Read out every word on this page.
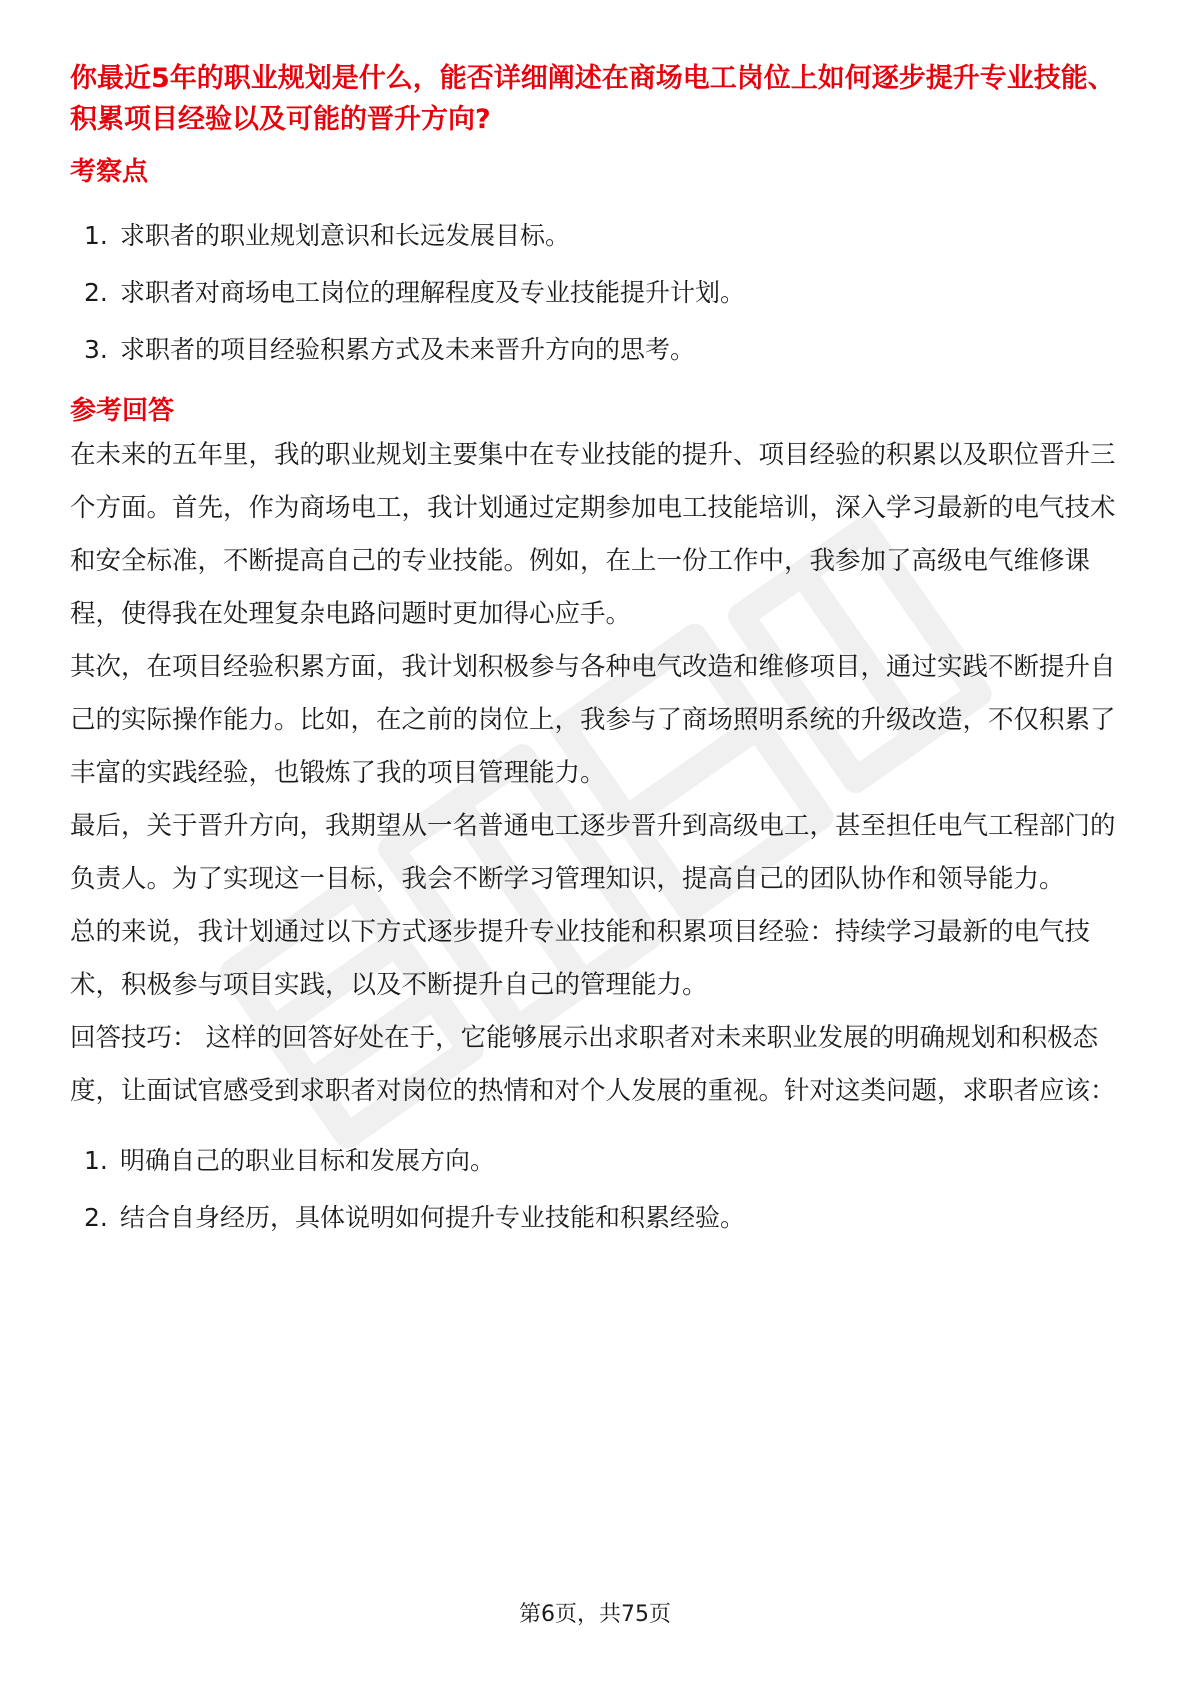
你最近5年的职业规划是什么，能否详细阐述在商场电工岗位上如何逐步提升专业技能、积累项目经验以及可能的晋升方向?
考察点
1. 求职者的职业规划意识和长远发展目标。
2. 求职者对商场电工岗位的理解程度及专业技能提升计划。
3. 求职者的项目经验积累方式及未来晋升方向的思考。
参考回答

在未来的五年里，我的职业规划主要集中在专业技能的提升、项目经验的积累以及职位晋升三个方面。首先，作为商场电工，我计划通过定期参加电工技能培训，深入学习最新的电气技术和安全标准，不断提高自己的专业技能。例如，在上一份工作中，我参加了高级电气维修课程，使得我在处理复杂电路问题时更加得心应手。

其次，在项目经验积累方面，我计划积极参与各种电气改造和维修项目，通过实践不断提升自己的实际操作能力。比如，在之前的岗位上，我参与了商场照明系统的升级改造，不仅积累了丰富的实践经验，也锻炼了我的项目管理能力。

最后，关于晋升方向，我期望从一名普通电工逐步晋升到高级电工，甚至担任电气工程部门的负责人。为了实现这一目标，我会不断学习管理知识，提高自己的团队协作和领导能力。

总的来说，我计划通过以下方式逐步提升专业技能和积累项目经验：持续学习最新的电气技术，积极参与项目实践，以及不断提升自己的管理能力。

回答技巧： 这样的回答好处在于，它能够展示出求职者对未来职业发展的明确规划和积极态度，让面试官感受到求职者对岗位的热情和对个人发展的重视。针对这类问题，求职者应该：

1. 明确自己的职业目标和发展方向。
2. 结合自身经历，具体说明如何提升专业技能和积累经验。
第6页，共75页
